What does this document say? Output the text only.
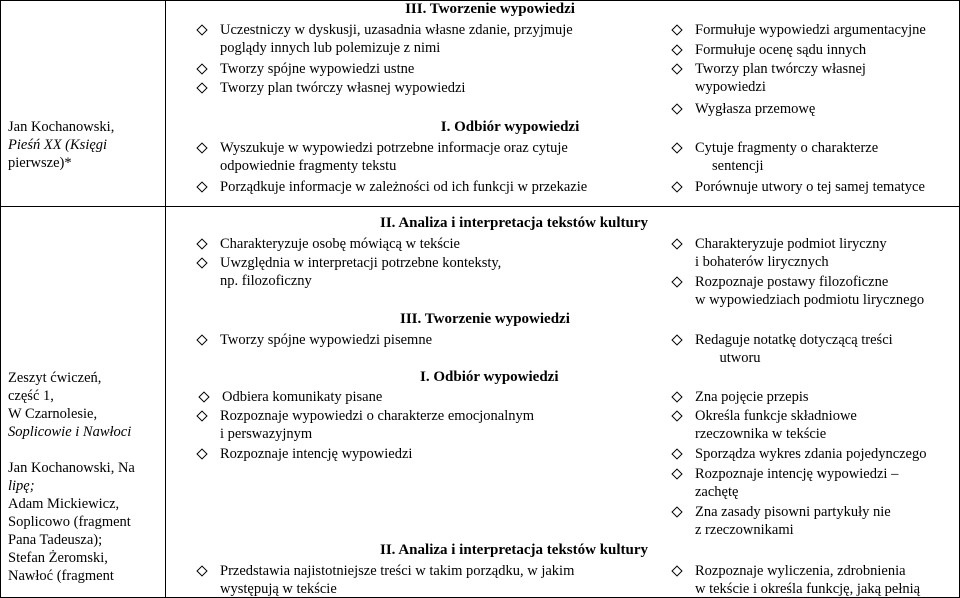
Jan Kochanowski,
Pieśń XX (Księgi
pierwsze)*
III. Tworzenie wypowiedzi
Uczestniczy w dyskusji, uzasadnia własne zdanie, przyjmuje
poglądy innych lub polemizuje z nimi
Tworzy spójne wypowiedzi ustne
Tworzy plan twórczy własnej wypowiedzi
Formułuje wypowiedzi argumentacyjne
Formułuje ocenę sądu innych
Tworzy plan twórczy własnej
wypowiedzi
Wygłasza przemowę
I. Odbiór wypowiedzi
Wyszukuje w wypowiedzi potrzebne informacje oraz cytuje
odpowiednie fragmenty tekstu
Porządkuje informacje w zależności od ich funkcji w przekazie
Cytuje fragmenty o charakterze
sentencji
Porównuje utwory o tej samej tematyce
Zeszyt ćwiczeń,
część 1,
W Czarnolesie,
Soplicowie i Nawłoci
Jan Kochanowski, Na
lipę;
Adam Mickiewicz,
Soplicowo (fragment
Pana Tadeusza);
Stefan Żeromski,
Nawłoć (fragment
II. Analiza i interpretacja tekstów kultury
Charakteryzuje osobę mówiącą w tekście
Uwzględnia w interpretacji potrzebne konteksty,
np. filozoficzny
Charakteryzuje podmiot liryczny
i bohaterów lirycznych
Rozpoznaje postawy filozoficzne
w wypowiedziach podmiotu lirycznego
III. Tworzenie wypowiedzi
Tworzy spójne wypowiedzi pisemne	Redaguje notatkę dotyczącą treści
utworu
I. Odbiór wypowiedzi
Odbiera komunikaty pisane
Rozpoznaje wypowiedzi o charakterze emocjonalnym
i perswazyjnym
Rozpoznaje intencję wypowiedzi
Zna pojęcie przepis
Określa funkcje składniowe
rzeczownika w tekście
Sporządza wykres zdania pojedynczego
Rozpoznaje intencję wypowiedzi –
zachętę
Zna zasady pisowni partykuły nie
z rzeczownikami
II. Analiza i interpretacja tekstów kultury
Przedstawia najistotniejsze treści w takim porządku, w jakim
występują w tekście
Rozpoznaje wyliczenia, zdrobnienia
w tekście i określa funkcję, jaką pełnią
